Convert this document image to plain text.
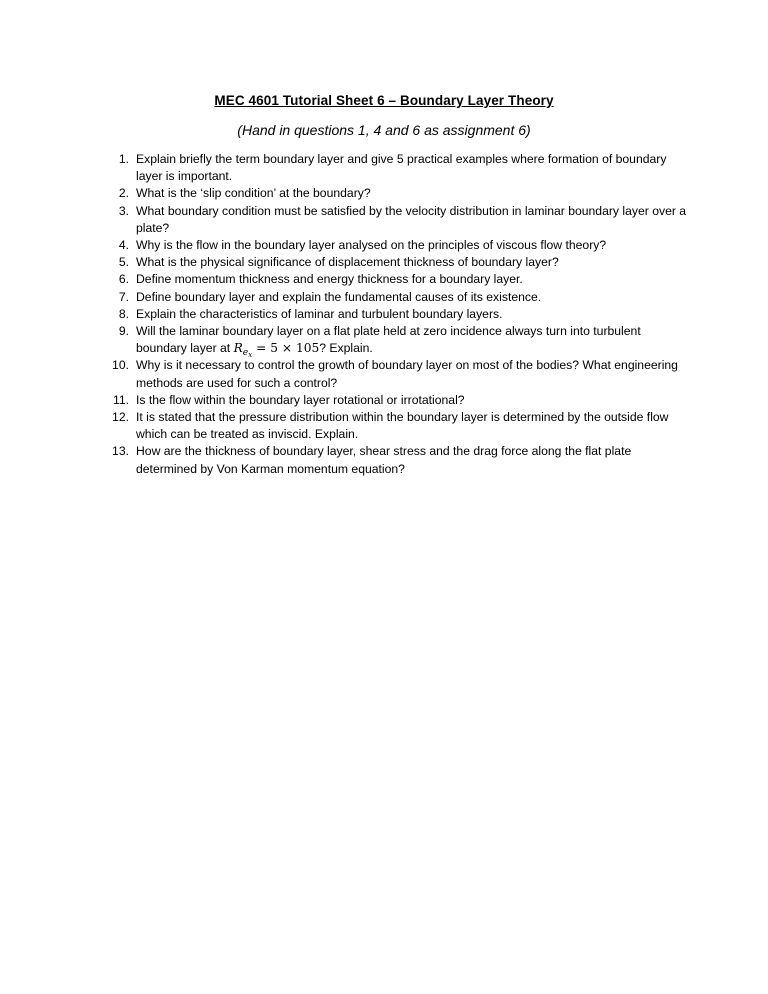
MEC 4601 Tutorial Sheet 6 – Boundary Layer Theory
(Hand in questions 1, 4 and 6 as assignment 6)
1. Explain briefly the term boundary layer and give 5 practical examples where formation of boundary layer is important.
2. What is the ‘slip condition’ at the boundary?
3. What boundary condition must be satisfied by the velocity distribution in laminar boundary layer over a plate?
4. Why is the flow in the boundary layer analysed on the principles of viscous flow theory?
5. What is the physical significance of displacement thickness of boundary layer?
6. Define momentum thickness and energy thickness for a boundary layer.
7. Define boundary layer and explain the fundamental causes of its existence.
8. Explain the characteristics of laminar and turbulent boundary layers.
9. Will the laminar boundary layer on a flat plate held at zero incidence always turn into turbulent boundary layer at $R_{e_x} = 5 \times 105$? Explain.
10. Why is it necessary to control the growth of boundary layer on most of the bodies? What engineering methods are used for such a control?
11. Is the flow within the boundary layer rotational or irrotational?
12. It is stated that the pressure distribution within the boundary layer is determined by the outside flow which can be treated as inviscid. Explain.
13. How are the thickness of boundary layer, shear stress and the drag force along the flat plate determined by Von Karman momentum equation?
